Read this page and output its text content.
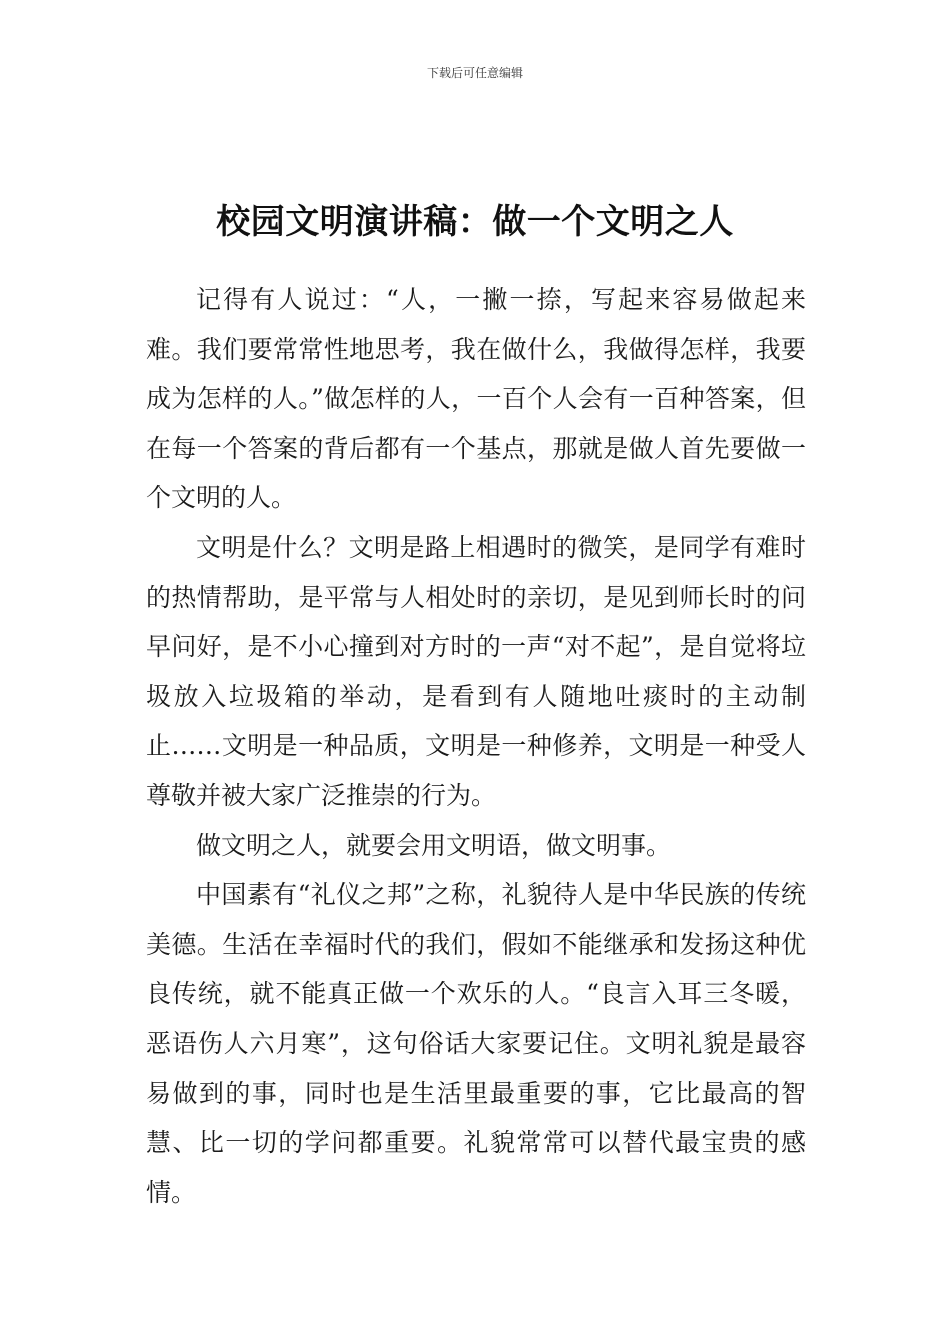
下载后可任意编辑
校园文明演讲稿：做一个文明之人

记得有人说过：“人，一撇一捺，写起来容易做起来难。我们要常常性地思考，我在做什么，我做得怎样，我要成为怎样的人。”做怎样的人，一百个人会有一百种答案，但在每一个答案的背后都有一个基点，那就是做人首先要做一个文明的人。

文明是什么？文明是路上相遇时的微笑，是同学有难时的热情帮助，是平常与人相处时的亲切，是见到师长时的问早问好，是不小心撞到对方时的一声“对不起”，是自觉将垃圾放入垃圾箱的举动，是看到有人随地吐痰时的主动制止……文明是一种品质，文明是一种修养，文明是一种受人尊敬并被大家广泛推崇的行为。

做文明之人，就要会用文明语，做文明事。

中国素有“礼仪之邦”之称，礼貌待人是中华民族的传统美德。生活在幸福时代的我们，假如不能继承和发扬这种优良传统，就不能真正做一个欢乐的人。“良言入耳三冬暖，恶语伤人六月寒”，这句俗话大家要记住。文明礼貌是最容易做到的事，同时也是生活里最重要的事，它比最高的智慧、比一切的学问都重要。礼貌常常可以替代最宝贵的感情。
